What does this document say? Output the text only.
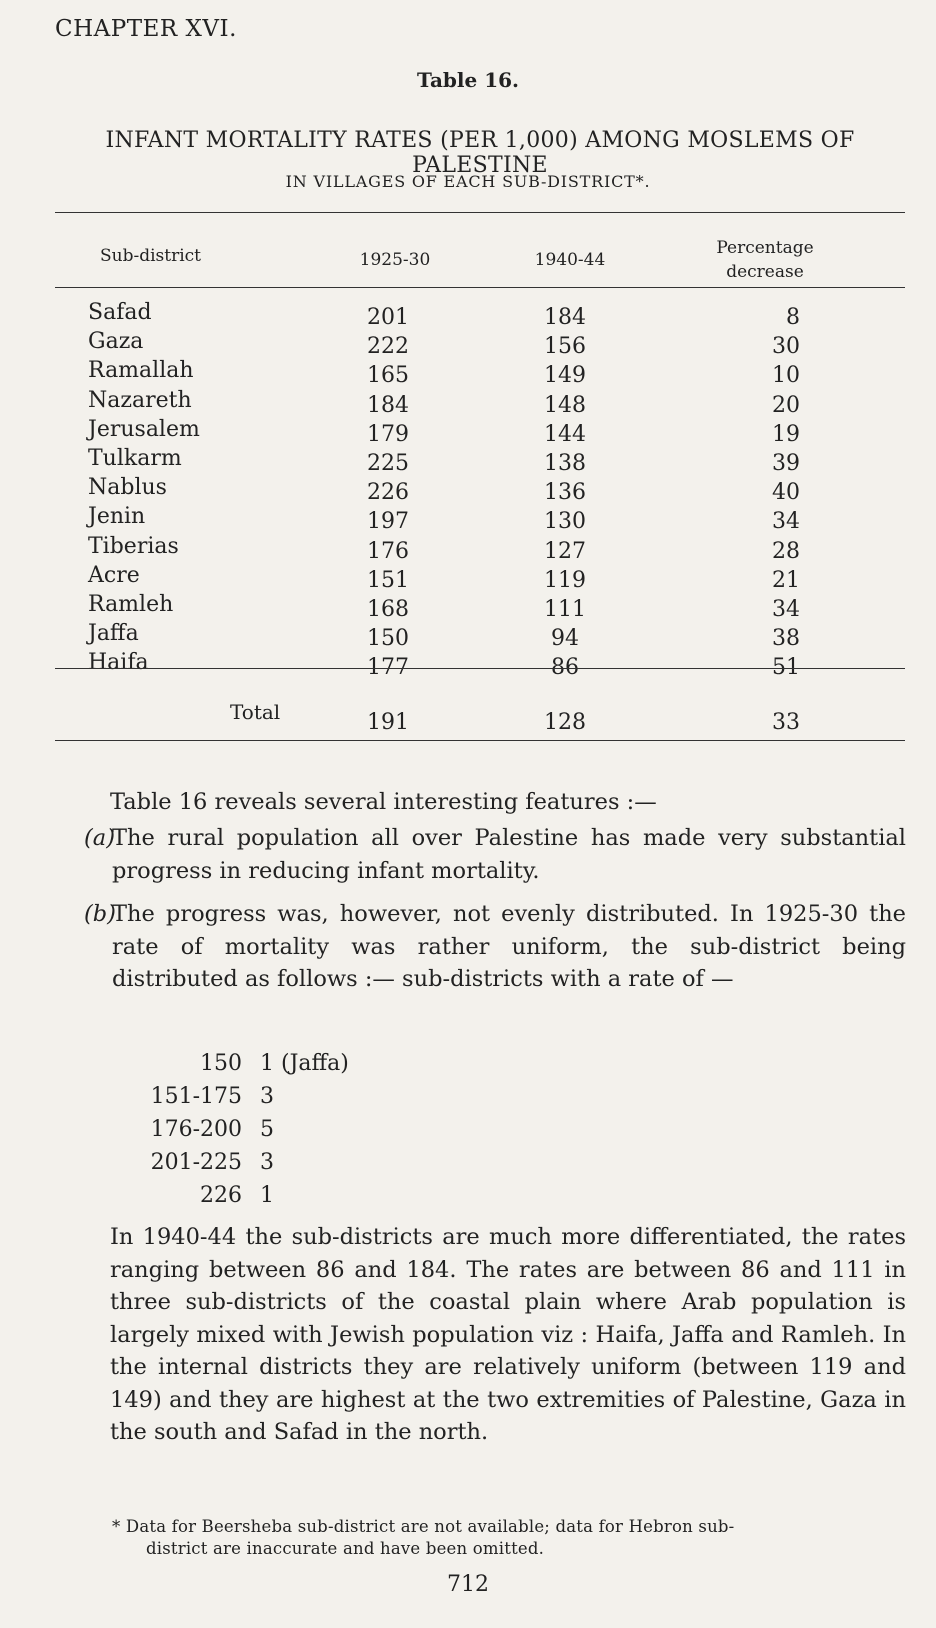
CHAPTER XVI.
Table 16.
INFANT MORTALITY RATES (PER 1,000) AMONG MOSLEMS OF PALESTINE
IN VILLAGES OF EACH SUB-DISTRICT*.
Sub-district	1925-30	1940-44
Percentage
decrease
Safad	201	184	8
Gaza	222	156	30
Ramallah	165	149	10
Nazareth	184	148	20
Jerusalem	179	144	19
Tulkarm	225	138	39
Nablus	226	136	40
Jenin	197	130	34
Tiberias	176	127	28
Acre	151	119	21
Ramleh	168	111	34
Jaffa	150	94	38
Haifa	177	86	51
Total	191	128	33
Table 16 reveals several interesting features :—
(a)
The rural population all over Palestine has made very substantial progress in reducing infant mortality.
(b)
The progress was, however, not evenly distributed. In 1925-30 the rate of mortality was rather uniform, the sub-district being distributed as follows :— sub-districts with a rate of —
150 1 (Jaffa)
151-175 3
176-200 5
201-225 3
226 1
In 1940-44 the sub-districts are much more differentiated, the rates ranging between 86 and 184. The rates are between 86 and 111 in three sub-districts of the coastal plain where Arab population is largely mixed with Jewish population viz : Haifa, Jaffa and Ramleh. In the internal districts they are relatively uniform (between 119 and 149) and they are highest at the two extremities of Palestine, Gaza in the south and Safad in the north.
* Data for Beersheba sub-district are not available; data for Hebron sub-
district are inaccurate and have been omitted.
712
